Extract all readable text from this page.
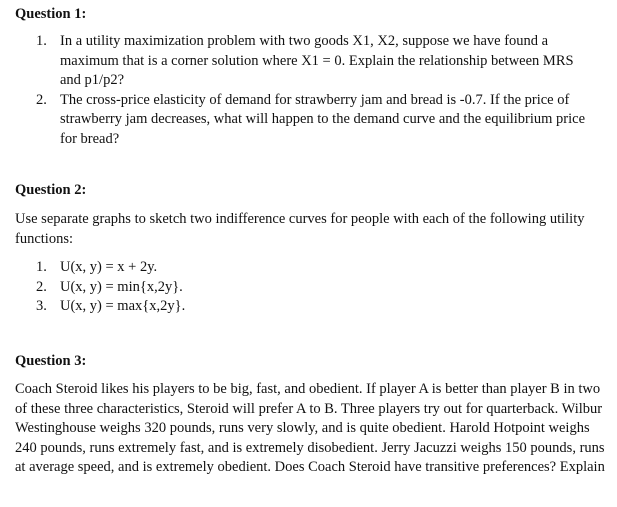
Question 1:
1. In a utility maximization problem with two goods X1, X2, suppose we have found a maximum that is a corner solution where X1 = 0. Explain the relationship between MRS and p1/p2?
2. The cross-price elasticity of demand for strawberry jam and bread is -0.7. If the price of strawberry jam decreases, what will happen to the demand curve and the equilibrium price for bread?
Question 2:

Use separate graphs to sketch two indifference curves for people with each of the following utility functions:

1. U(x, y) = x + 2y.
2. U(x, y) = min{x,2y}.
3. U(x, y) = max{x,2y}.
Question 3:

Coach Steroid likes his players to be big, fast, and obedient. If player A is better than player B in two of these three characteristics, Steroid will prefer A to B. Three players try out for quarterback. Wilbur Westinghouse weighs 320 pounds, runs very slowly, and is quite obedient. Harold Hotpoint weighs 240 pounds, runs extremely fast, and is extremely disobedient. Jerry Jacuzzi weighs 150 pounds, runs at average speed, and is extremely obedient. Does Coach Steroid have transitive preferences? Explain
